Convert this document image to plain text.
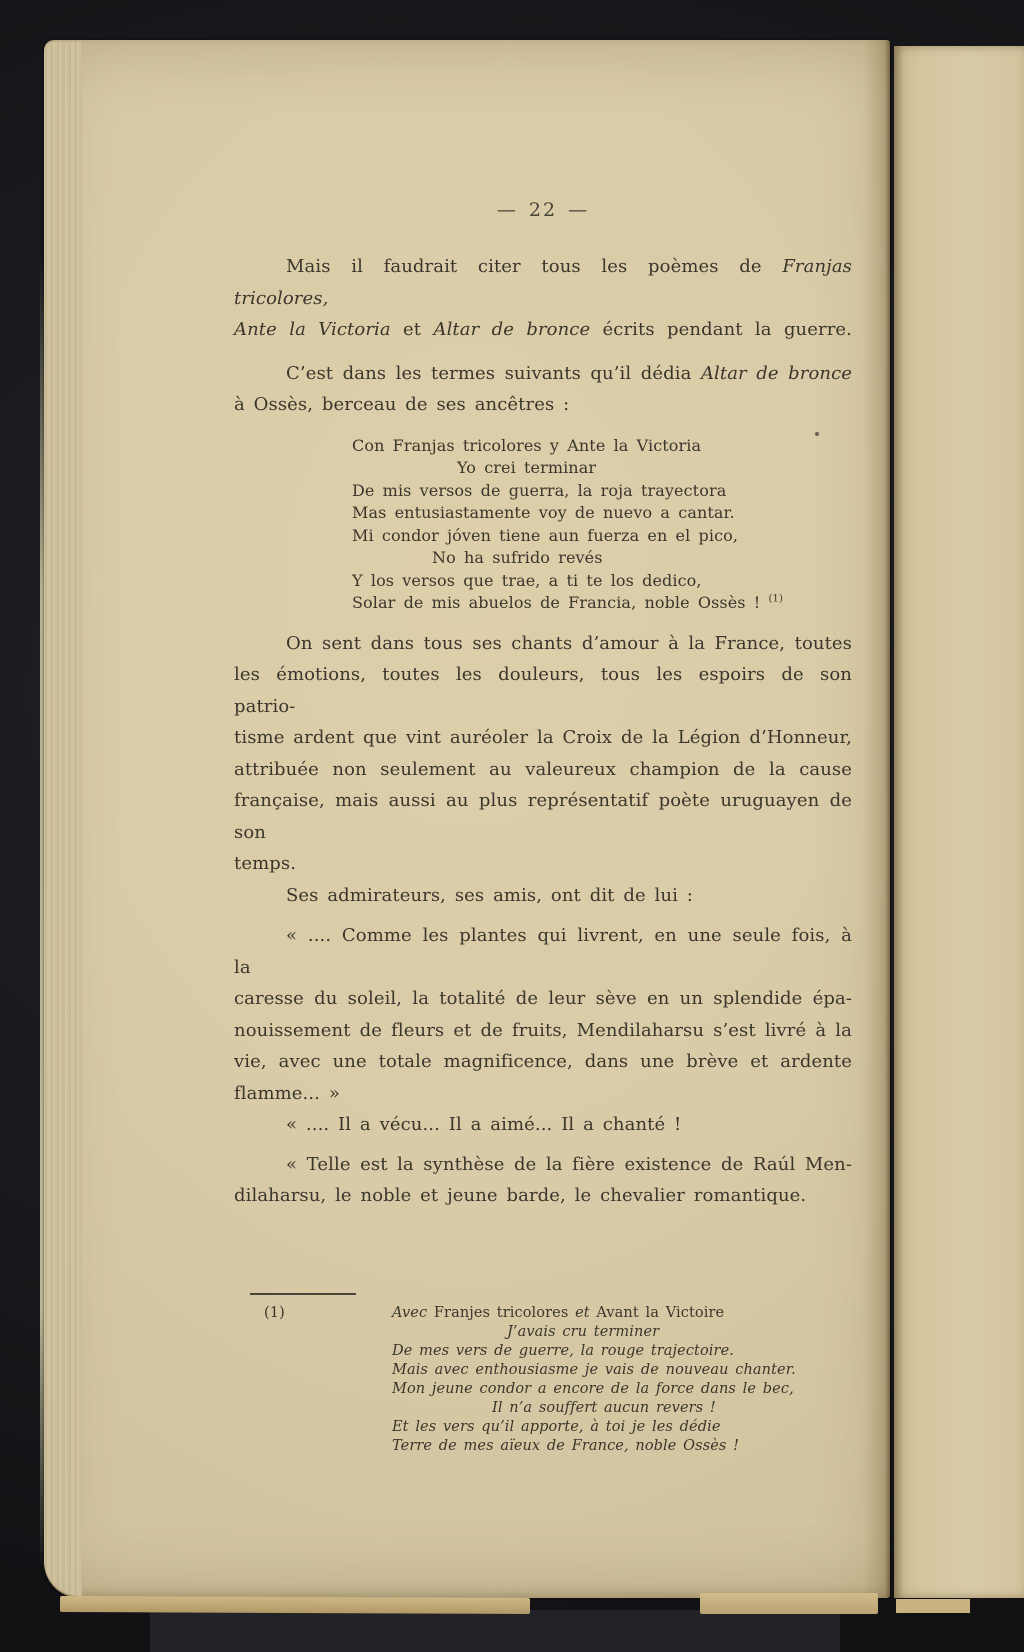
— 22 —
Mais il faudrait citer tous les poèmes de Franjas tricolores,
Ante la Victoria et Altar de bronce écrits pendant la guerre.
C’est dans les termes suivants qu’il dédia Altar de bronce
à Ossès, berceau de ses ancêtres :
Con Franjas tricolores y Ante la Victoria
Yo crei terminar
De mis versos de guerra, la roja trayectora
Mas entusiastamente voy de nuevo a cantar.
Mi condor jóven tiene aun fuerza en el pico,
No ha sufrido revés
Y los versos que trae, a ti te los dedico,
Solar de mis abuelos de Francia, noble Ossès ! $^{(1)}$
On sent dans tous ses chants d’amour à la France, toutes
les émotions, toutes les douleurs, tous les espoirs de son patrio-
tisme ardent que vint auréoler la Croix de la Légion d’Honneur,
attribuée non seulement au valeureux champion de la cause
française, mais aussi au plus représentatif poète uruguayen de son
temps.
Ses admirateurs, ses amis, ont dit de lui :
« .... Comme les plantes qui livrent, en une seule fois, à la
caresse du soleil, la totalité de leur sève en un splendide épa-
nouissement de fleurs et de fruits, Mendilaharsu s’est livré à la
vie, avec une totale magnificence, dans une brève et ardente
flamme... »
« .... Il a vécu... Il a aimé... Il a chanté !
« Telle est la synthèse de la fière existence de Raúl Men-
dilaharsu, le noble et jeune barde, le chevalier romantique.
(1)	Avec Franjes tricolores et Avant la Victoire
J’avais cru terminer
De mes vers de guerre, la rouge trajectoire.
Mais avec enthousiasme je vais de nouveau chanter.
Mon jeune condor a encore de la force dans le bec,
Il n’a souffert aucun revers !
Et les vers qu’il apporte, à toi je les dédie
Terre de mes aïeux de France, noble Ossès !
